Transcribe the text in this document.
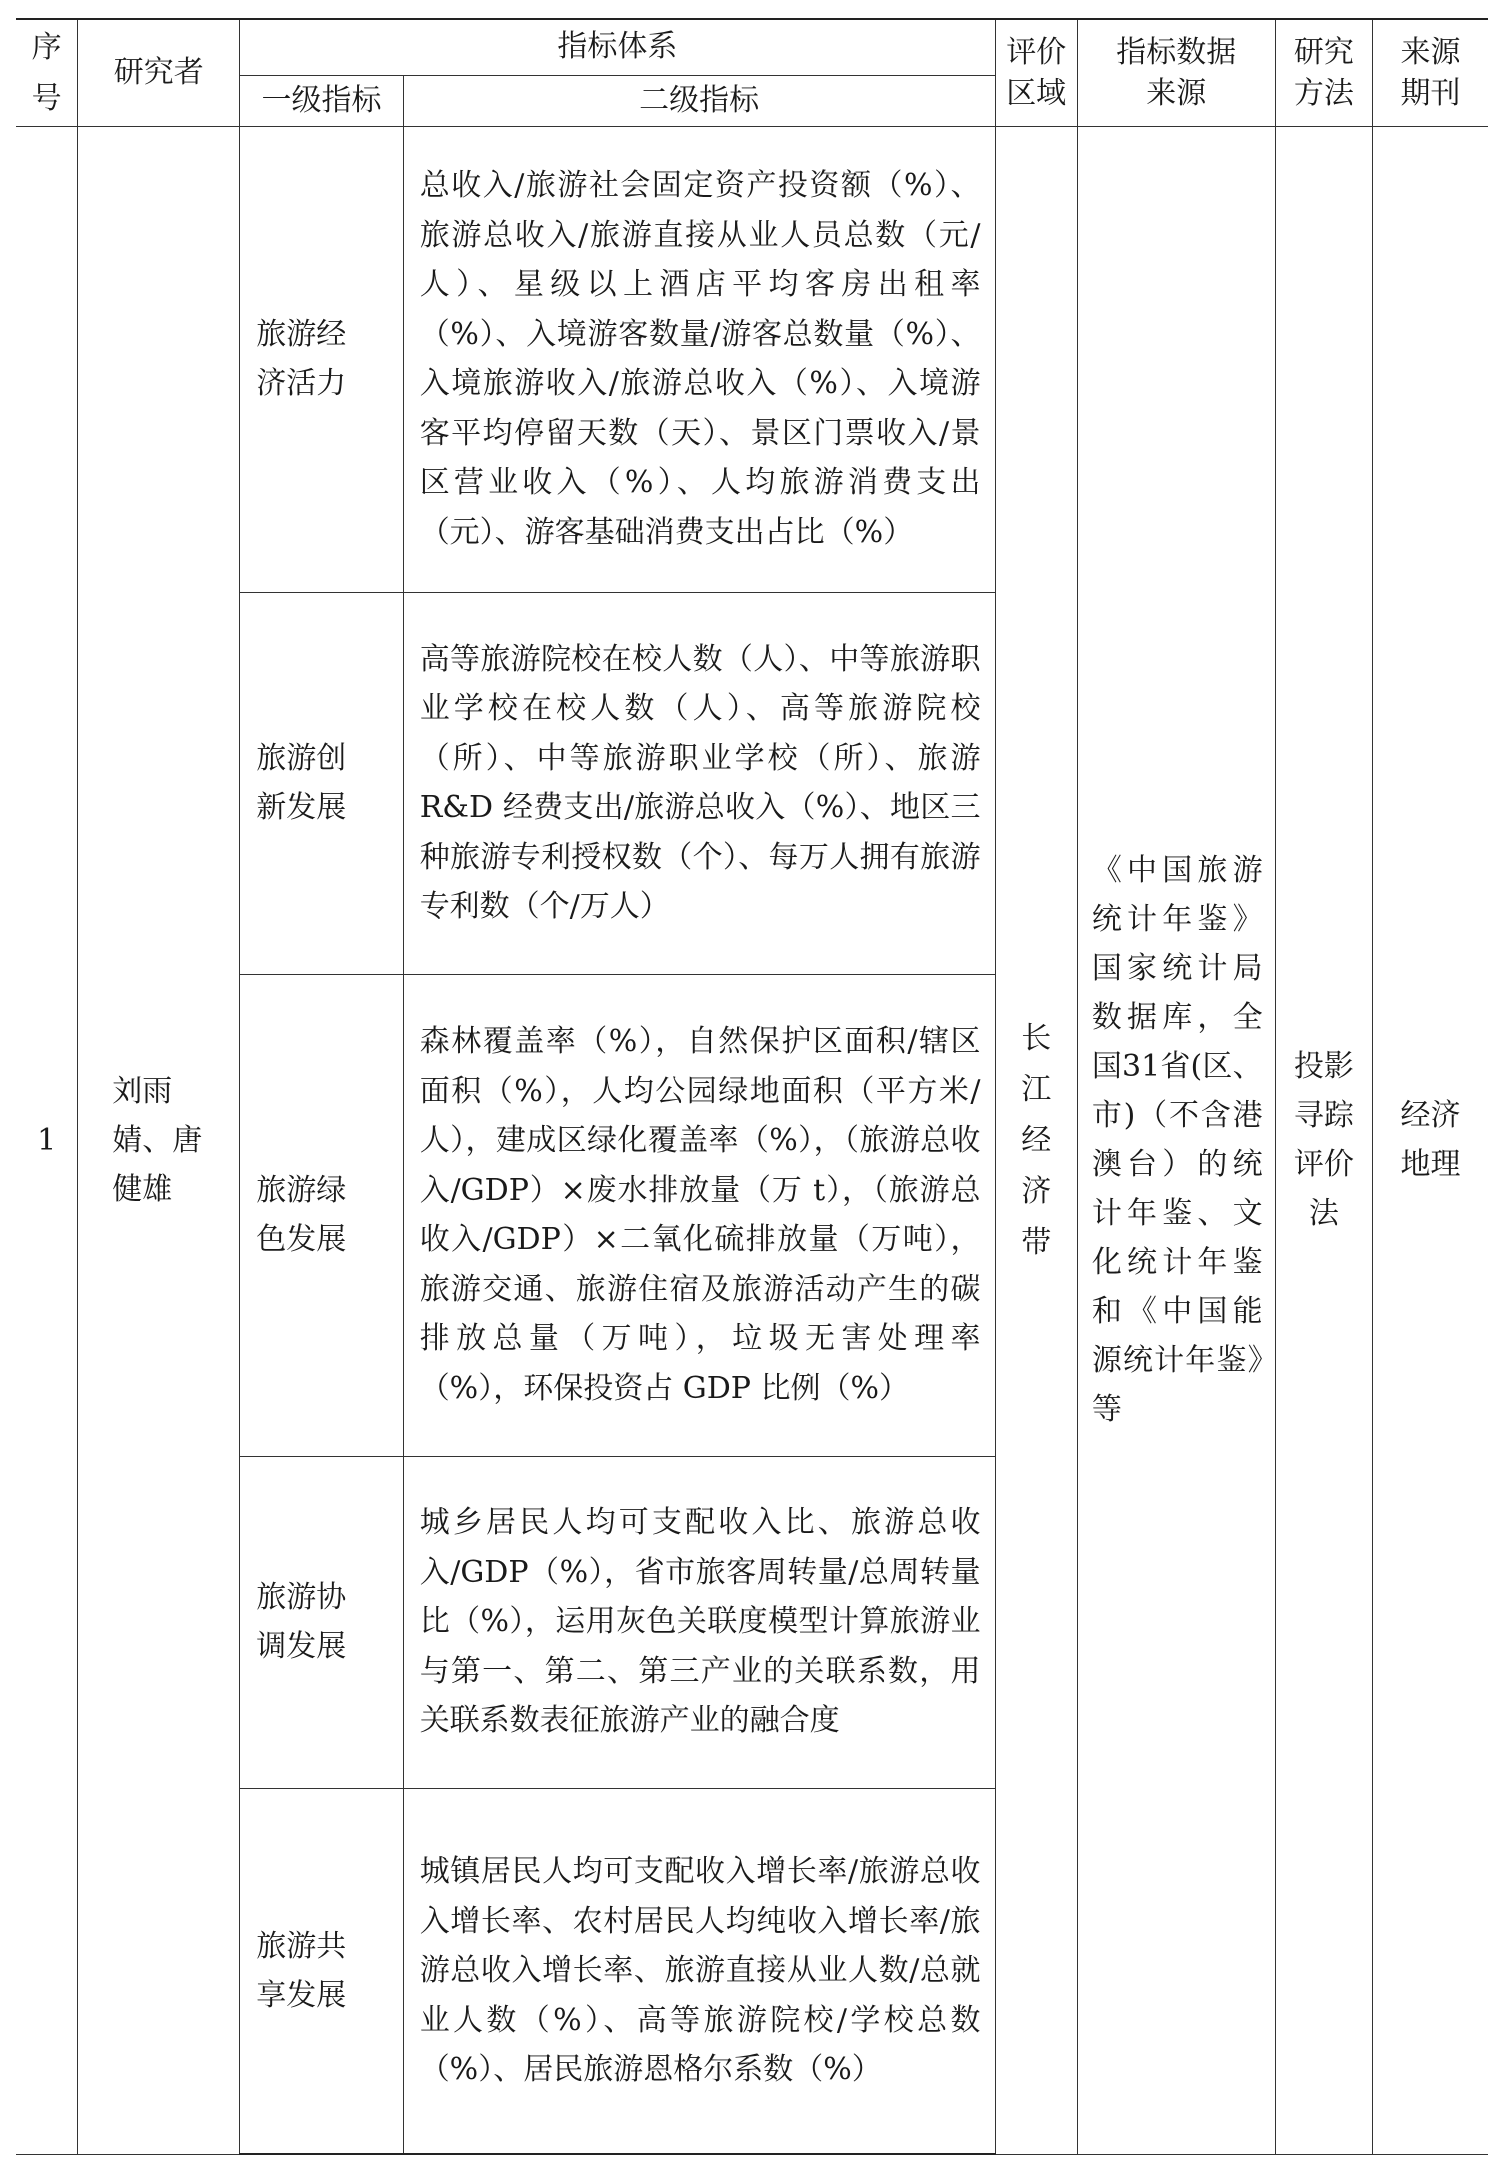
序号	研究者	指标体系		评价区域	指标数据来源	研究方法	来源期刊

		一级指标	二级指标				
1	刘雨婧、唐健雄	旅游经济活力	总收入/旅游社会固定资产投资额（%）、旅游总收入/旅游直接从业人员总数（元/人）、星级以上酒店平均客房出租率（%）、入境游客数量/游客总数量（%）、入境旅游收入/旅游总收入（%）、入境游客平均停留天数（天）、景区门票收入/景区营业收入（%）、人均旅游消费支出（元）、游客基础消费支出占比（%）	长江经济带	《中国旅游统计年鉴》国家统计局数据库，全国31省(区、市)（不含港澳台）的统计年鉴、文化统计年鉴和《中国能源统计年鉴》等	投影寻踪评价法	经济地理

		旅游创新发展	高等旅游院校在校人数（人）、中等旅游职业学校在校人数（人）、高等旅游院校（所）、中等旅游职业学校（所）、旅游 R&D 经费支出/旅游总收入（%）、地区三种旅游专利授权数（个）、每万人拥有旅游专利数（个/万人）				

		旅游绿色发展	森林覆盖率（%），自然保护区面积/辖区面积（%），人均公园绿地面积（平方米/人），建成区绿化覆盖率（%），（旅游总收入/GDP）×废水排放量（万 t），（旅游总收入/GDP）×二氧化硫排放量（万吨），旅游交通、旅游住宿及旅游活动产生的碳排放总量（万吨），垃圾无害处理率（%），环保投资占 GDP 比例（%）				

		旅游协调发展	城乡居民人均可支配收入比、旅游总收入/GDP（%），省市旅客周转量/总周转量比（%），运用灰色关联度模型计算旅游业与第一、第二、第三产业的关联系数，用关联系数表征旅游产业的融合度				

		旅游共享发展	城镇居民人均可支配收入增长率/旅游总收入增长率、农村居民人均纯收入增长率/旅游总收入增长率、旅游直接从业人数/总就业人数（%）、高等旅游院校/学校总数（%）、居民旅游恩格尔系数（%）				
